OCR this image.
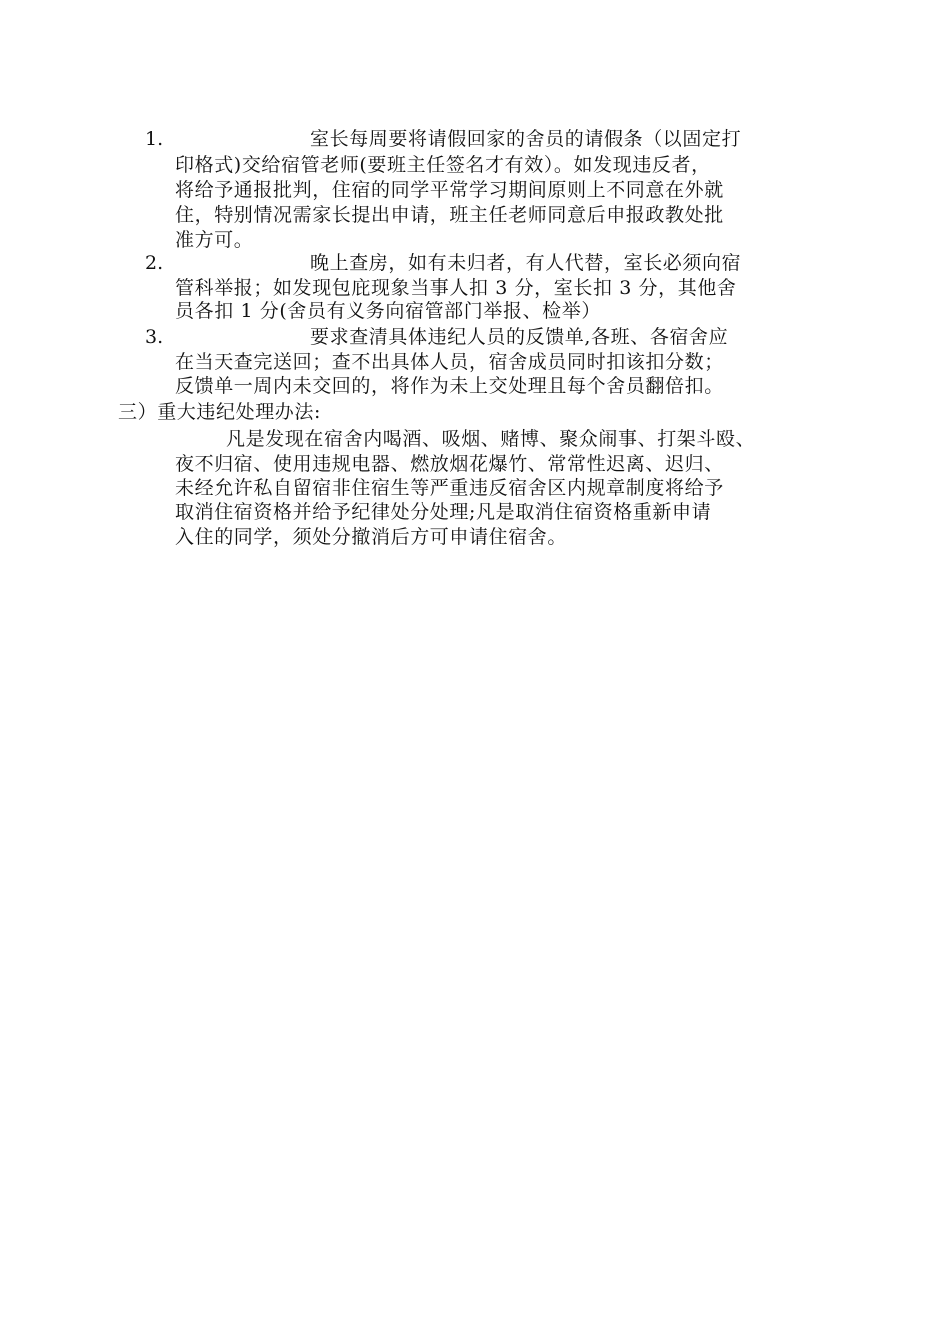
1.	室长每周要将请假回家的舍员的请假条（以固定打
印格式)交给宿管老师(要班主任签名才有效）。如发现违反者，
将给予通报批判，住宿的同学平常学习期间原则上不同意在外就
住，特别情况需家长提出申请，班主任老师同意后申报政教处批
准方可。
2.	晚上查房，如有未归者，有人代替，室长必须向宿
管科举报；如发现包庇现象当事人扣 3 分，室长扣 3 分，其他舍
员各扣 1 分(舍员有义务向宿管部门举报、检举）
3.	要求查清具体违纪人员的反馈单,各班、各宿舍应
在当天查完送回；查不出具体人员，宿舍成员同时扣该扣分数；
反馈单一周内未交回的，将作为未上交处理且每个舍员翻倍扣。
三）重大违纪处理办法:
凡是发现在宿舍内喝酒、吸烟、赌博、聚众闹事、打架斗殴、
夜不归宿、使用违规电器、燃放烟花爆竹、常常性迟离、迟归、
未经允许私自留宿非住宿生等严重违反宿舍区内规章制度将给予
取消住宿资格并给予纪律处分处理;凡是取消住宿资格重新申请
入住的同学，须处分撤消后方可申请住宿舍。
